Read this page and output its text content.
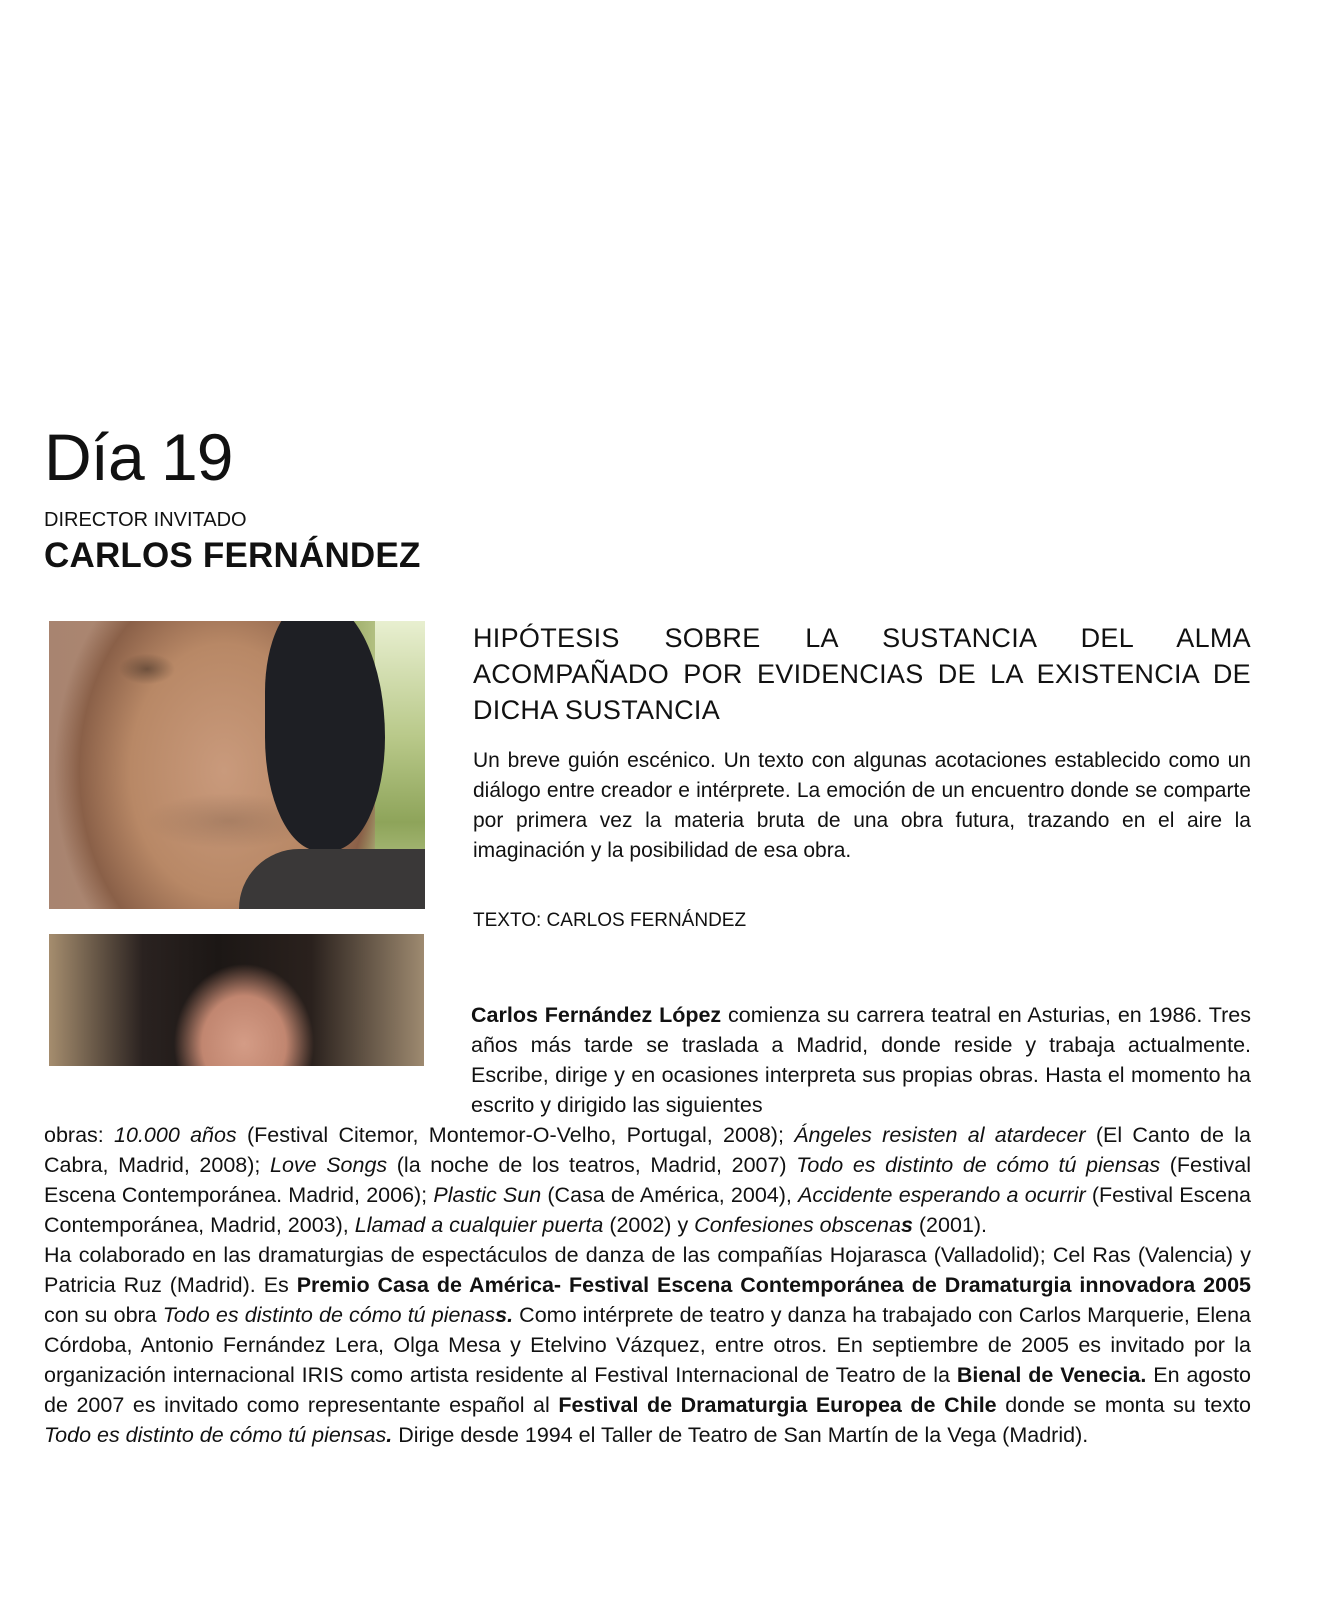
Día 19
DIRECTOR INVITADO
CARLOS FERNÁNDEZ
HIPÓTESIS SOBRE LA SUSTANCIA DEL ALMA ACOMPAÑADO POR EVIDENCIAS DE LA EXISTENCIA DE DICHA SUSTANCIA
Un breve guión escénico. Un texto con algunas acotaciones establecido como un diálogo entre creador e intérprete. La emoción de un encuentro donde se comparte por primera vez la materia bruta de una obra futura, trazando en el aire la imaginación y la posibilidad de esa obra.
TEXTO: CARLOS FERNÁNDEZ

Carlos Fernández López comienza su carrera teatral en Asturias, en 1986. Tres años más tarde se traslada a Madrid, donde reside y trabaja actualmente. Escribe, dirige y en ocasiones interpreta sus propias obras. Hasta el momento ha escrito y dirigido las siguientes

obras: 10.000 años (Festival Citemor, Montemor-O-Velho, Portugal, 2008); Ángeles resisten al atardecer (El Canto de la Cabra, Madrid, 2008); Love Songs (la noche de los teatros, Madrid, 2007) Todo es distinto de cómo tú piensas (Festival Escena Contemporánea. Madrid, 2006); Plastic Sun (Casa de América, 2004), Accidente esperando a ocurrir (Festival Escena Contemporánea, Madrid, 2003), Llamad a cualquier puerta (2002) y Confesiones obscenas (2001).

Ha colaborado en las dramaturgias de espectáculos de danza de las compañías Hojarasca (Valladolid); Cel Ras (Valencia) y Patricia Ruz (Madrid). Es Premio Casa de América- Festival Escena Contemporánea de Dramaturgia innovadora 2005 con su obra Todo es distinto de cómo tú pienass. Como intérprete de teatro y danza ha trabajado con Carlos Marquerie, Elena Córdoba, Antonio Fernández Lera, Olga Mesa y Etelvino Vázquez, entre otros. En septiembre de 2005 es invitado por la organización internacional IRIS como artista residente al Festival Internacional de Teatro de la Bienal de Venecia. En agosto de 2007 es invitado como representante español al Festival de Dramaturgia Europea de Chile donde se monta su texto Todo es distinto de cómo tú piensas. Dirige desde 1994 el Taller de Teatro de San Martín de la Vega (Madrid).
